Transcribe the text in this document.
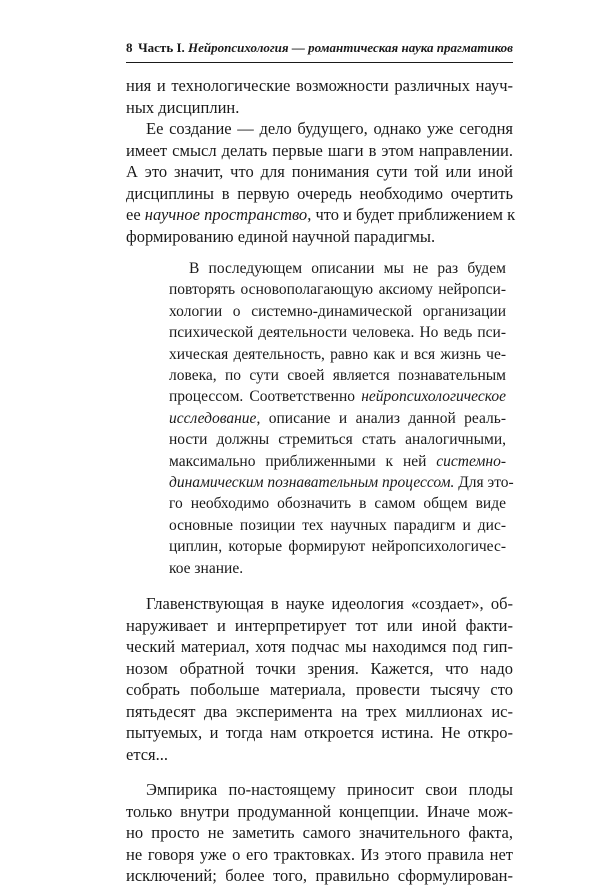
8 Часть I. Нейропсихология — романтическая наука прагматиков
ния и технологические возможности различных науч-
ных дисциплин.
Ее создание — дело будущего, однако уже сегодня
имеет смысл делать первые шаги в этом направлении.
А это значит, что для понимания сути той или иной
дисциплины в первую очередь необходимо очертить
ее научное пространство, что и будет приближением к
формированию единой научной парадигмы.
В последующем описании мы не раз будем
повторять основополагающую аксиому нейропси-
хологии о системно-динамической организации
психической деятельности человека. Но ведь пси-
хическая деятельность, равно как и вся жизнь че-
ловека, по сути своей является познавательным
процессом. Соответственно нейропсихологическое
исследование, описание и анализ данной реаль-
ности должны стремиться стать аналогичными,
максимально приближенными к ней системно-
динамическим познавательным процессом. Для это-
го необходимо обозначить в самом общем виде
основные позиции тех научных парадигм и дис-
циплин, которые формируют нейропсихологичес-
кое знание.
Главенствующая в науке идеология «создает», об-
наруживает и интерпретирует тот или иной факти-
ческий материал, хотя подчас мы находимся под гип-
нозом обратной точки зрения. Кажется, что надо
собрать побольше материала, провести тысячу сто
пятьдесят два эксперимента на трех миллионах ис-
пытуемых, и тогда нам откроется истина. Не откро-
ется...
Эмпирика по-настоящему приносит свои плоды
только внутри продуманной концепции. Иначе мож-
но просто не заметить самого значительного факта,
не говоря уже о его трактовках. Из этого правила нет
исключений; более того, правильно сформулирован-
